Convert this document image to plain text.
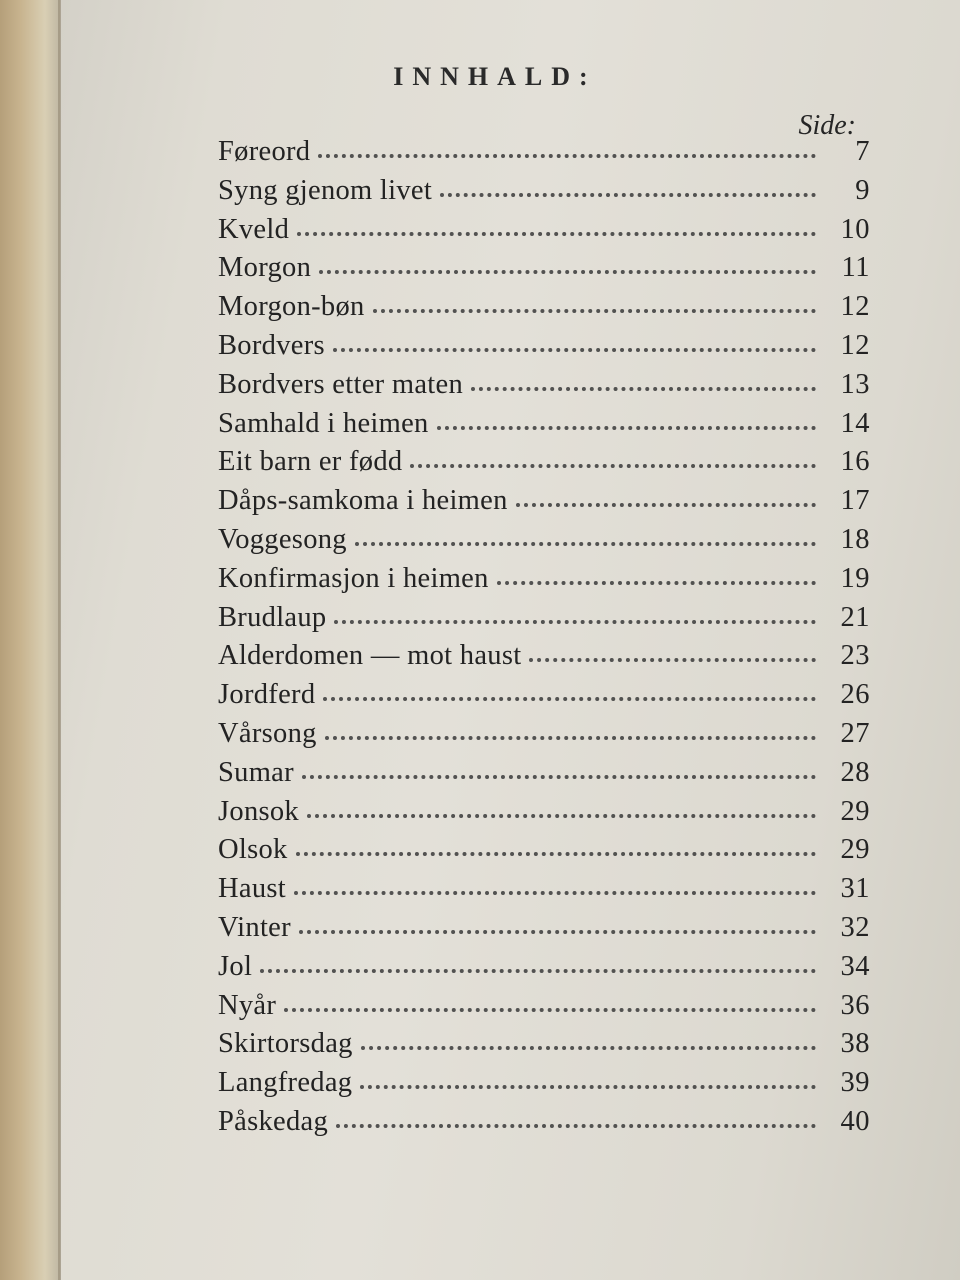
INNHALD:
Side:
Føreord	7
Syng gjenom livet	9
Kveld	10
Morgon	11
Morgon-bøn	12
Bordvers	12
Bordvers etter maten	13
Samhald i heimen	14
Eit barn er fødd	16
Dåps-samkoma i heimen	17
Voggesong	18
Konfirmasjon i heimen	19
Brudlaup	21
Alderdomen — mot haust	23
Jordferd	26
Vårsong	27
Sumar	28
Jonsok	29
Olsok	29
Haust	31
Vinter	32
Jol	34
Nyår	36
Skirtorsdag	38
Langfredag	39
Påskedag	40
